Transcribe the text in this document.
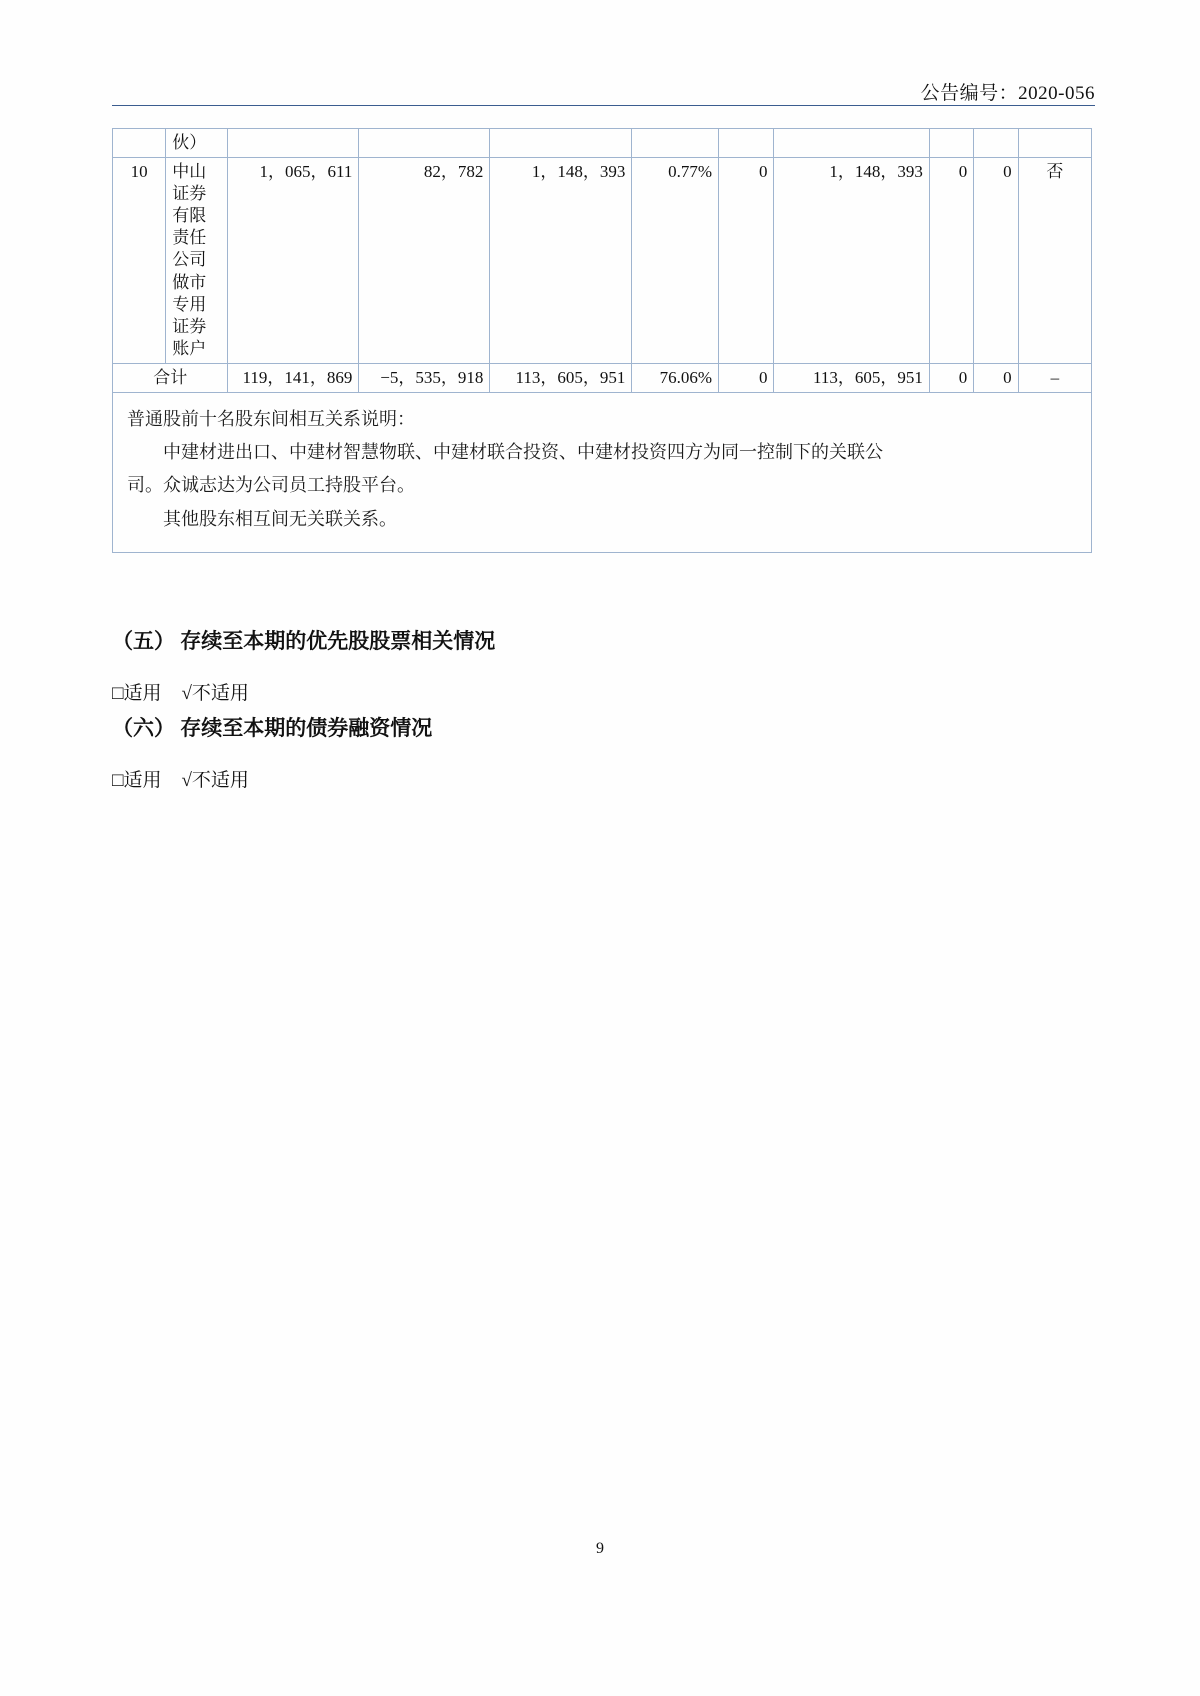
公告编号：2020-056

	伙）									

10	中山证券有限责任公司做市专用证券账户	1，065，611	82，782	1，148，393	0.77%	0	1，148，393	0	0	否
合计		119，141，869	−5，535，918	113，605，951	76.06%	0	113，605，951	0	0	–

普通股前十名股东间相互关系说明：

中建材进出口、中建材智慧物联、中建材联合投资、中建材投资四方为同一控制下的关联公

司。众诚志达为公司员工持股平台。

其他股东相互间无关联关系。

（五） 存续至本期的优先股股票相关情况
□适用 √不适用
（六） 存续至本期的债券融资情况
□适用 √不适用
9
